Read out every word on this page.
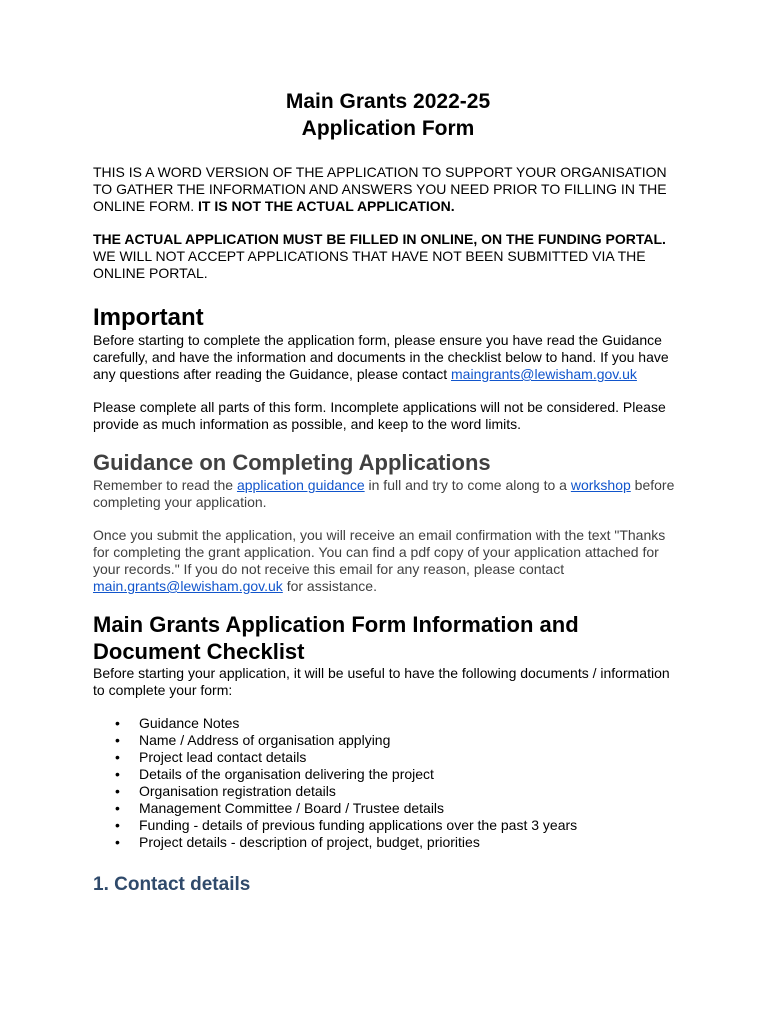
Main Grants 2022-25
Application Form

THIS IS A WORD VERSION OF THE APPLICATION TO SUPPORT YOUR ORGANISATION TO GATHER THE INFORMATION AND ANSWERS YOU NEED PRIOR TO FILLING IN THE ONLINE FORM. IT IS NOT THE ACTUAL APPLICATION.

THE ACTUAL APPLICATION MUST BE FILLED IN ONLINE, ON THE FUNDING PORTAL. WE WILL NOT ACCEPT APPLICATIONS THAT HAVE NOT BEEN SUBMITTED VIA THE ONLINE PORTAL.

Important

Before starting to complete the application form, please ensure you have read the Guidance carefully, and have the information and documents in the checklist below to hand. If you have any questions after reading the Guidance, please contact maingrants@lewisham.gov.uk

Please complete all parts of this form. Incomplete applications will not be considered. Please provide as much information as possible, and keep to the word limits.

Guidance on Completing Applications

Remember to read the application guidance in full and try to come along to a workshop before completing your application.

Once you submit the application, you will receive an email confirmation with the text "Thanks for completing the grant application. You can find a pdf copy of your application attached for your records." If you do not receive this email for any reason, please contact main.grants@lewisham.gov.uk for assistance.

Main Grants Application Form Information and Document Checklist

Before starting your application, it will be useful to have the following documents / information to complete your form:

• Guidance Notes
• Name / Address of organisation applying
• Project lead contact details
• Details of the organisation delivering the project
• Organisation registration details
• Management Committee / Board / Trustee details
• Funding - details of previous funding applications over the past 3 years
• Project details - description of project, budget, priorities
1. Contact details
